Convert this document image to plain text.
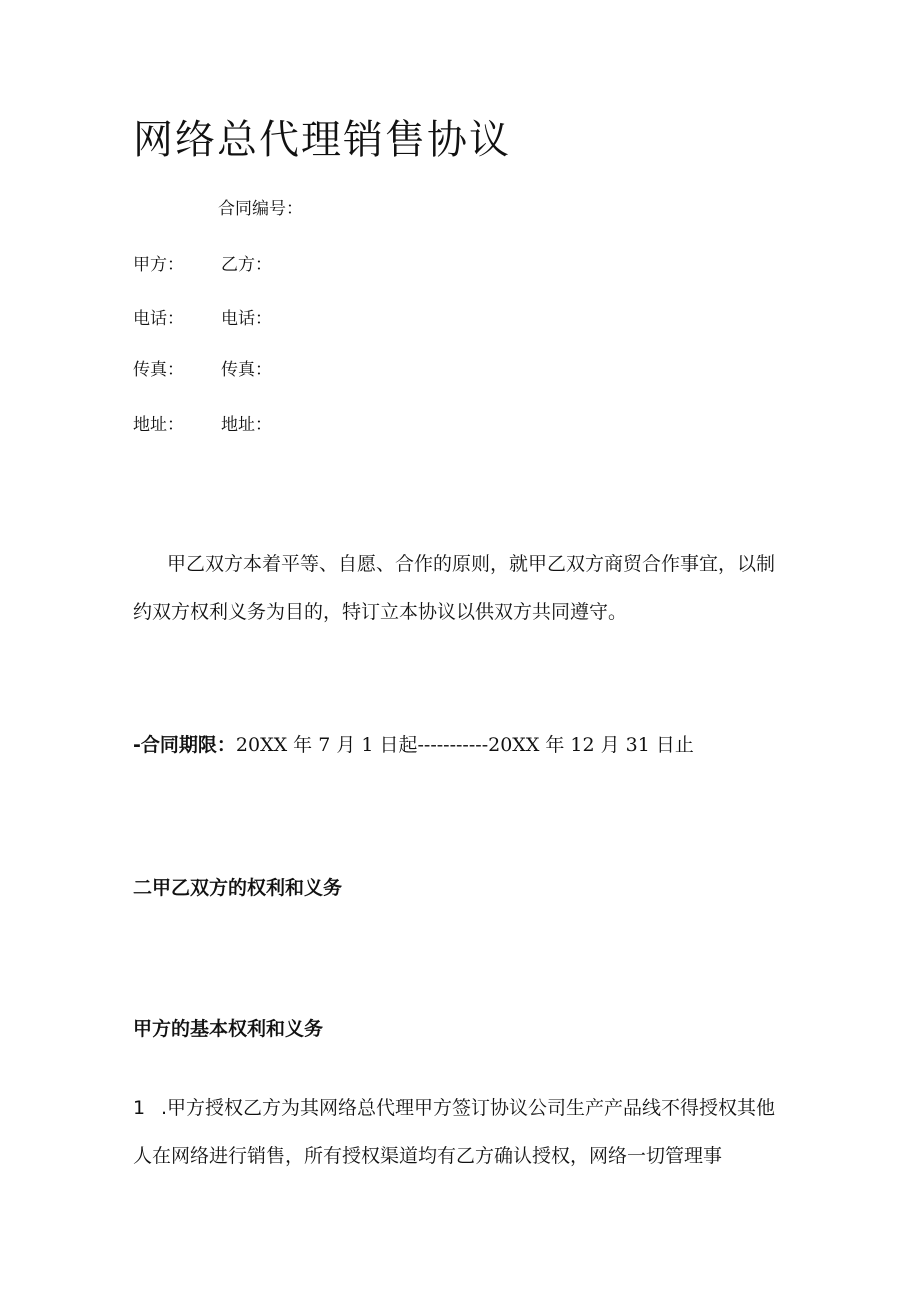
网络总代理销售协议
合同编号：
甲方： 乙方：
电话： 电话：
传真： 传真：
地址： 地址：

甲乙双方本着平等、自愿、合作的原则，就甲乙双方商贸合作事宜，以制约双方权利义务为目的，特订立本协议以供双方共同遵守。

-合同期限：20XX 年 7 月 1 日起-----------20XX 年 12 月 31 日止
二甲乙双方的权利和义务
甲方的基本权利和义务

1 .甲方授权乙方为其网络总代理甲方签订协议公司生产产品线不得授权其他人在网络进行销售，所有授权渠道均有乙方确认授权，网络一切管理事
